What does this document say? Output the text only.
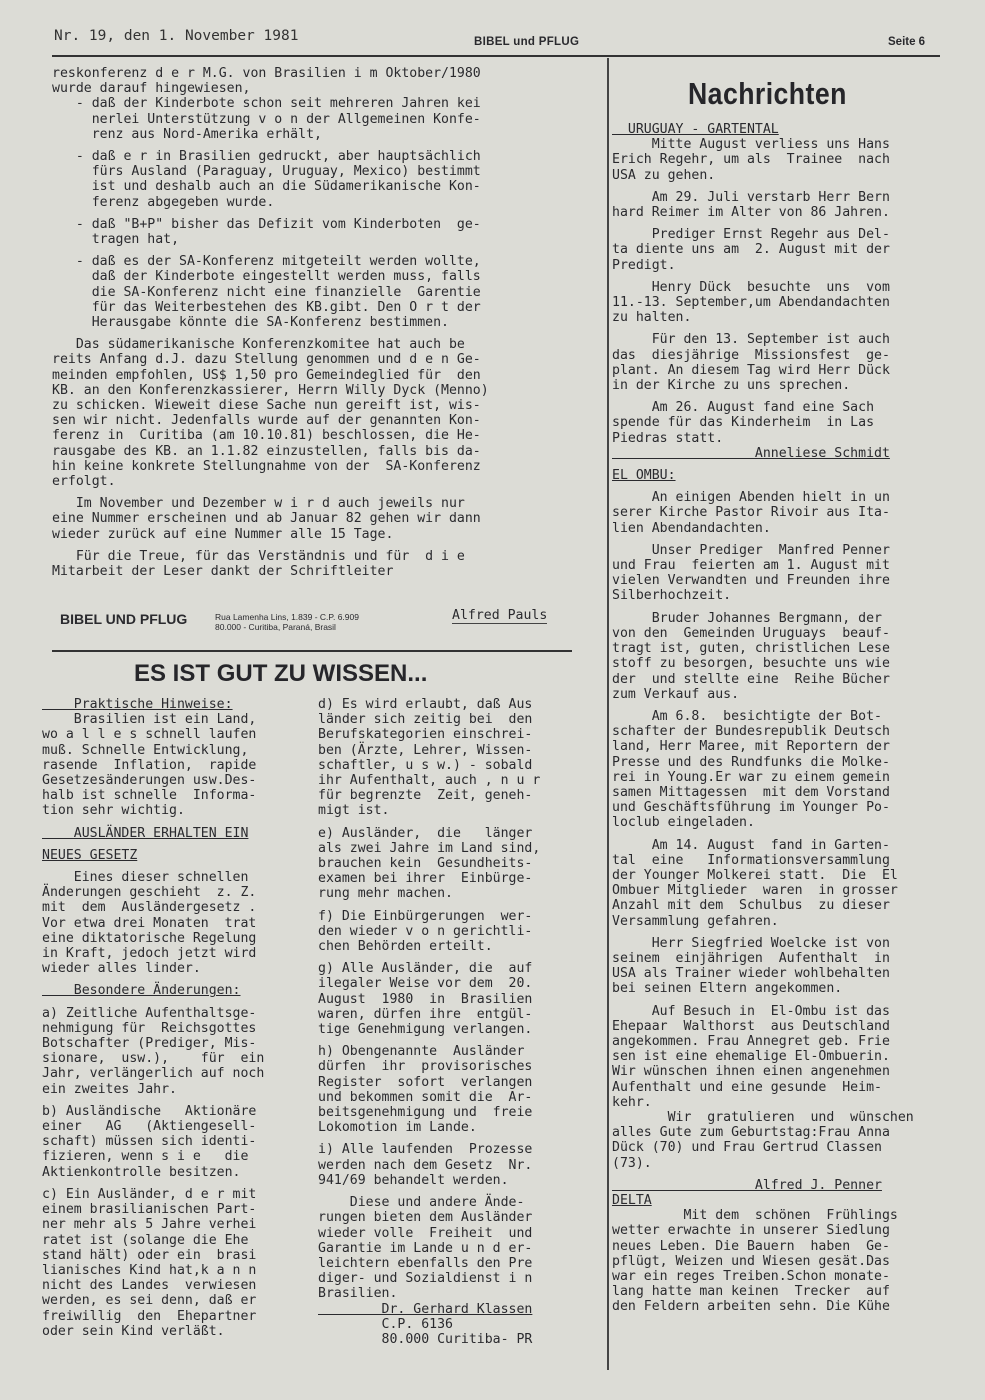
Nr. 19, den 1. November 1981	BIBEL und PFLUG	Seite 6

reskonferenz d e r M.G. von Brasilien i m Oktober/1980

wurde darauf hingewiesen,

- daß der Kinderbote schon seit mehreren Jahren kei

nerlei Unterstützung v o n der Allgemeinen Konfe-

renz aus Nord-Amerika erhält,

- daß e r in Brasilien gedruckt, aber hauptsächlich

fürs Ausland (Paraguay, Uruguay, Mexico) bestimmt

ist und deshalb auch an die Südamerikanische Kon-

ferenz abgegeben wurde.

- daß "B+P" bisher das Defizit vom Kinderboten  ge-

tragen hat,

- daß es der SA-Konferenz mitgeteilt werden wollte,

daß der Kinderbote eingestellt werden muss, falls

die SA-Konferenz nicht eine finanzielle  Garentie

für das Weiterbestehen des KB.gibt. Den O r t der

Herausgabe könnte die SA-Konferenz bestimmen.

Das südamerikanische Konferenzkomitee hat auch be

reits Anfang d.J. dazu Stellung genommen und d e n Ge-

meinden empfohlen, US$ 1,50 pro Gemeindeglied für  den

KB. an den Konferenzkassierer, Herrn Willy Dyck (Menno)

zu schicken. Wieweit diese Sache nun gereift ist, wis-

sen wir nicht. Jedenfalls wurde auf der genannten Kon-

ferenz in  Curitiba (am 10.10.81) beschlossen, die He-

rausgabe des KB. an 1.1.82 einzustellen, falls bis da-

hin keine konkrete Stellungnahme von der  SA-Konferenz

erfolgt.

Im November und Dezember w i r d auch jeweils nur

eine Nummer erscheinen und ab Januar 82 gehen wir dann

wieder zurück auf eine Nummer alle 15 Tage.

Für die Treue, für das Verständnis und für  d i e

Mitarbeit der Leser dankt der Schriftleiter

BIBEL UND PFLUG	Rua Lamenha Lins, 1.839 - C.P. 6.909
80.000 - Curitiba, Paraná, Brasil
Alfred Pauls
ES IST GUT ZU WISSEN...

Praktische Hinweise:

Brasilien ist ein Land,

wo a l l e s schnell laufen

muß. Schnelle Entwicklung,

rasende  Inflation,  rapide

Gesetzesänderungen usw.Des-

halb ist schnelle  Informa-

tion sehr wichtig.

AUSLÄNDER ERHALTEN EIN

NEUES GESETZ

Eines dieser schnellen

Änderungen geschieht  z. Z.

mit  dem  Ausländergesetz .

Vor etwa drei Monaten  trat

eine diktatorische Regelung

in Kraft, jedoch jetzt wird

wieder alles linder.

Besondere Änderungen:

a) Zeitliche Aufenthaltsge-

nehmigung für  Reichsgottes

Botschafter (Prediger, Mis-

sionare,  usw.),    für  ein

Jahr, verlängerlich auf noch

ein zweites Jahr.

b) Ausländische   Aktionäre

einer   AG   (Aktiengesell-

schaft) müssen sich identi-

fizieren, wenn s i e   die

Aktienkontrolle besitzen.

c) Ein Ausländer, d e r mit

einem brasilianischen Part-

ner mehr als 5 Jahre verhei

ratet ist (solange die Ehe

stand hält) oder ein  brasi

lianisches Kind hat,k a n n

nicht des Landes  verwiesen

werden, es sei denn, daß er

freiwillig  den  Ehepartner

oder sein Kind verläßt.

d) Es wird erlaubt, daß Aus

länder sich zeitig bei  den

Berufskategorien einschrei-

ben (Ärzte, Lehrer, Wissen-

schaftler, u s w.) - sobald

ihr Aufenthalt, auch , n u r

für begrenzte  Zeit, geneh-

migt ist.

e) Ausländer,  die   länger

als zwei Jahre im Land sind,

brauchen kein  Gesundheits-

examen bei ihrer  Einbürge-

rung mehr machen.

f) Die Einbürgerungen  wer-

den wieder v o n gerichtli-

chen Behörden erteilt.

g) Alle Ausländer, die  auf

ilegaler Weise vor dem  20.

August  1980  in  Brasilien

waren, dürfen ihre  entgül-

tige Genehmigung verlangen.

h) Obengenannte  Ausländer

dürfen  ihr  provisorisches

Register  sofort  verlangen

und bekommen somit die  Ar-

beitsgenehmigung und  freie

Lokomotion im Lande.

i) Alle laufenden  Prozesse

werden nach dem Gesetz  Nr.

941/69 behandelt werden.

Diese und andere Ände-

rungen bieten dem Ausländer

wieder volle  Freiheit  und

Garantie im Lande u n d er-

leichtern ebenfalls den Pre

diger- und Sozialdienst i n

Brasilien.

Dr. Gerhard Klassen

C.P. 6136

80.000 Curitiba- PR

Nachrichten

URUGUAY - GARTENTAL

Mitte August verliess uns Hans

Erich Regehr, um als  Trainee  nach

USA zu gehen.

Am 29. Juli verstarb Herr Bern

hard Reimer im Alter von 86 Jahren.

Prediger Ernst Regehr aus Del-

ta diente uns am  2. August mit der

Predigt.

Henry Dück  besuchte  uns  vom

11.-13. September,um Abendandachten

zu halten.

Für den 13. September ist auch

das  diesjährige  Missionsfest  ge-

plant. An diesem Tag wird Herr Dück

in der Kirche zu uns sprechen.

Am 26. August fand eine Sach

spende für das Kinderheim  in Las

Piedras statt.

Anneliese Schmidt

EL OMBU:

An einigen Abenden hielt in un

serer Kirche Pastor Rivoir aus Ita-

lien Abendandachten.

Unser Prediger  Manfred Penner

und Frau  feierten am 1. August mit

vielen Verwandten und Freunden ihre

Silberhochzeit.

Bruder Johannes Bergmann, der

von den  Gemeinden Uruguays  beauf-

tragt ist, guten, christlichen Lese

stoff zu besorgen, besuchte uns wie

der  und stellte eine  Reihe Bücher

zum Verkauf aus.

Am 6.8.  besichtigte der Bot-

schafter der Bundesrepublik Deutsch

land, Herr Maree, mit Reportern der

Presse und des Rundfunks die Molke-

rei in Young.Er war zu einem gemein

samen Mittagessen  mit dem Vorstand

und Geschäftsführung im Younger Po-

loclub eingeladen.

Am 14. August  fand in Garten-

tal  eine   Informationsversammlung

der Younger Molkerei statt.  Die  El

Ombuer Mitglieder  waren  in grosser

Anzahl mit dem  Schulbus  zu dieser

Versammlung gefahren.

Herr Siegfried Woelcke ist von

seinem  einjährigen  Aufenthalt  in

USA als Trainer wieder wohlbehalten

bei seinen Eltern angekommen.

Auf Besuch in  El-Ombu ist das

Ehepaar  Walthorst  aus Deutschland

angekommen. Frau Annegret geb. Frie

sen ist eine ehemalige El-Ombuerin.

Wir wünschen ihnen einen angenehmen

Aufenthalt und eine gesunde  Heim-

kehr.

Wir  gratulieren  und  wünschen

alles Gute zum Geburtstag:Frau Anna

Dück (70) und Frau Gertrud Classen

(73).

Alfred J. Penner

DELTA

Mit dem  schönen  Frühlings

wetter erwachte in unserer Siedlung

neues Leben. Die Bauern  haben  Ge-

pflügt, Weizen und Wiesen gesät.Das

war ein reges Treiben.Schon monate-

lang hatte man keinen  Trecker  auf

den Feldern arbeiten sehn. Die Kühe
